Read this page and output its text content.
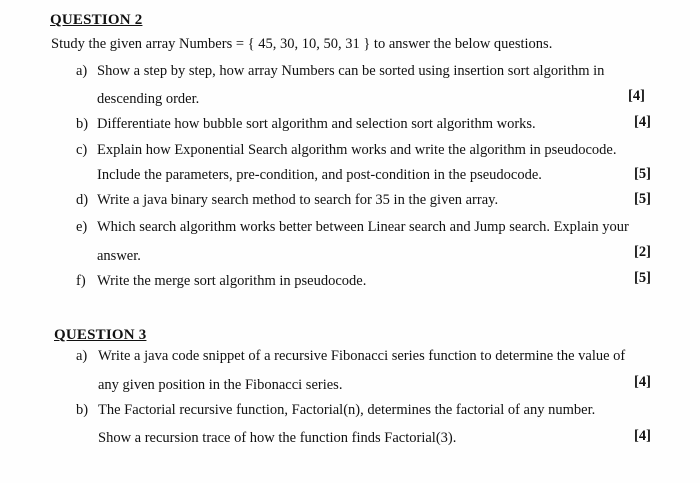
QUESTION 2
Study the given array Numbers = { 45, 30, 10, 50, 31 } to answer the below questions.
a) Show a step by step, how array Numbers can be sorted using insertion sort algorithm in
descending order.	[4]
b) Differentiate how bubble sort algorithm and selection sort algorithm works.	[4]
c) Explain how Exponential Search algorithm works and write the algorithm in pseudocode.
Include the parameters, pre-condition, and post-condition in the pseudocode.	[5]
d) Write a java binary search method to search for 35 in the given array.	[5]
e) Which search algorithm works better between Linear search and Jump search. Explain your
answer.	[2]
f) Write the merge sort algorithm in pseudocode.	[5]
QUESTION 3
a) Write a java code snippet of a recursive Fibonacci series function to determine the value of
any given position in the Fibonacci series.	[4]
b) The Factorial recursive function, Factorial(n), determines the factorial of any number.
Show a recursion trace of how the function finds Factorial(3).	[4]
